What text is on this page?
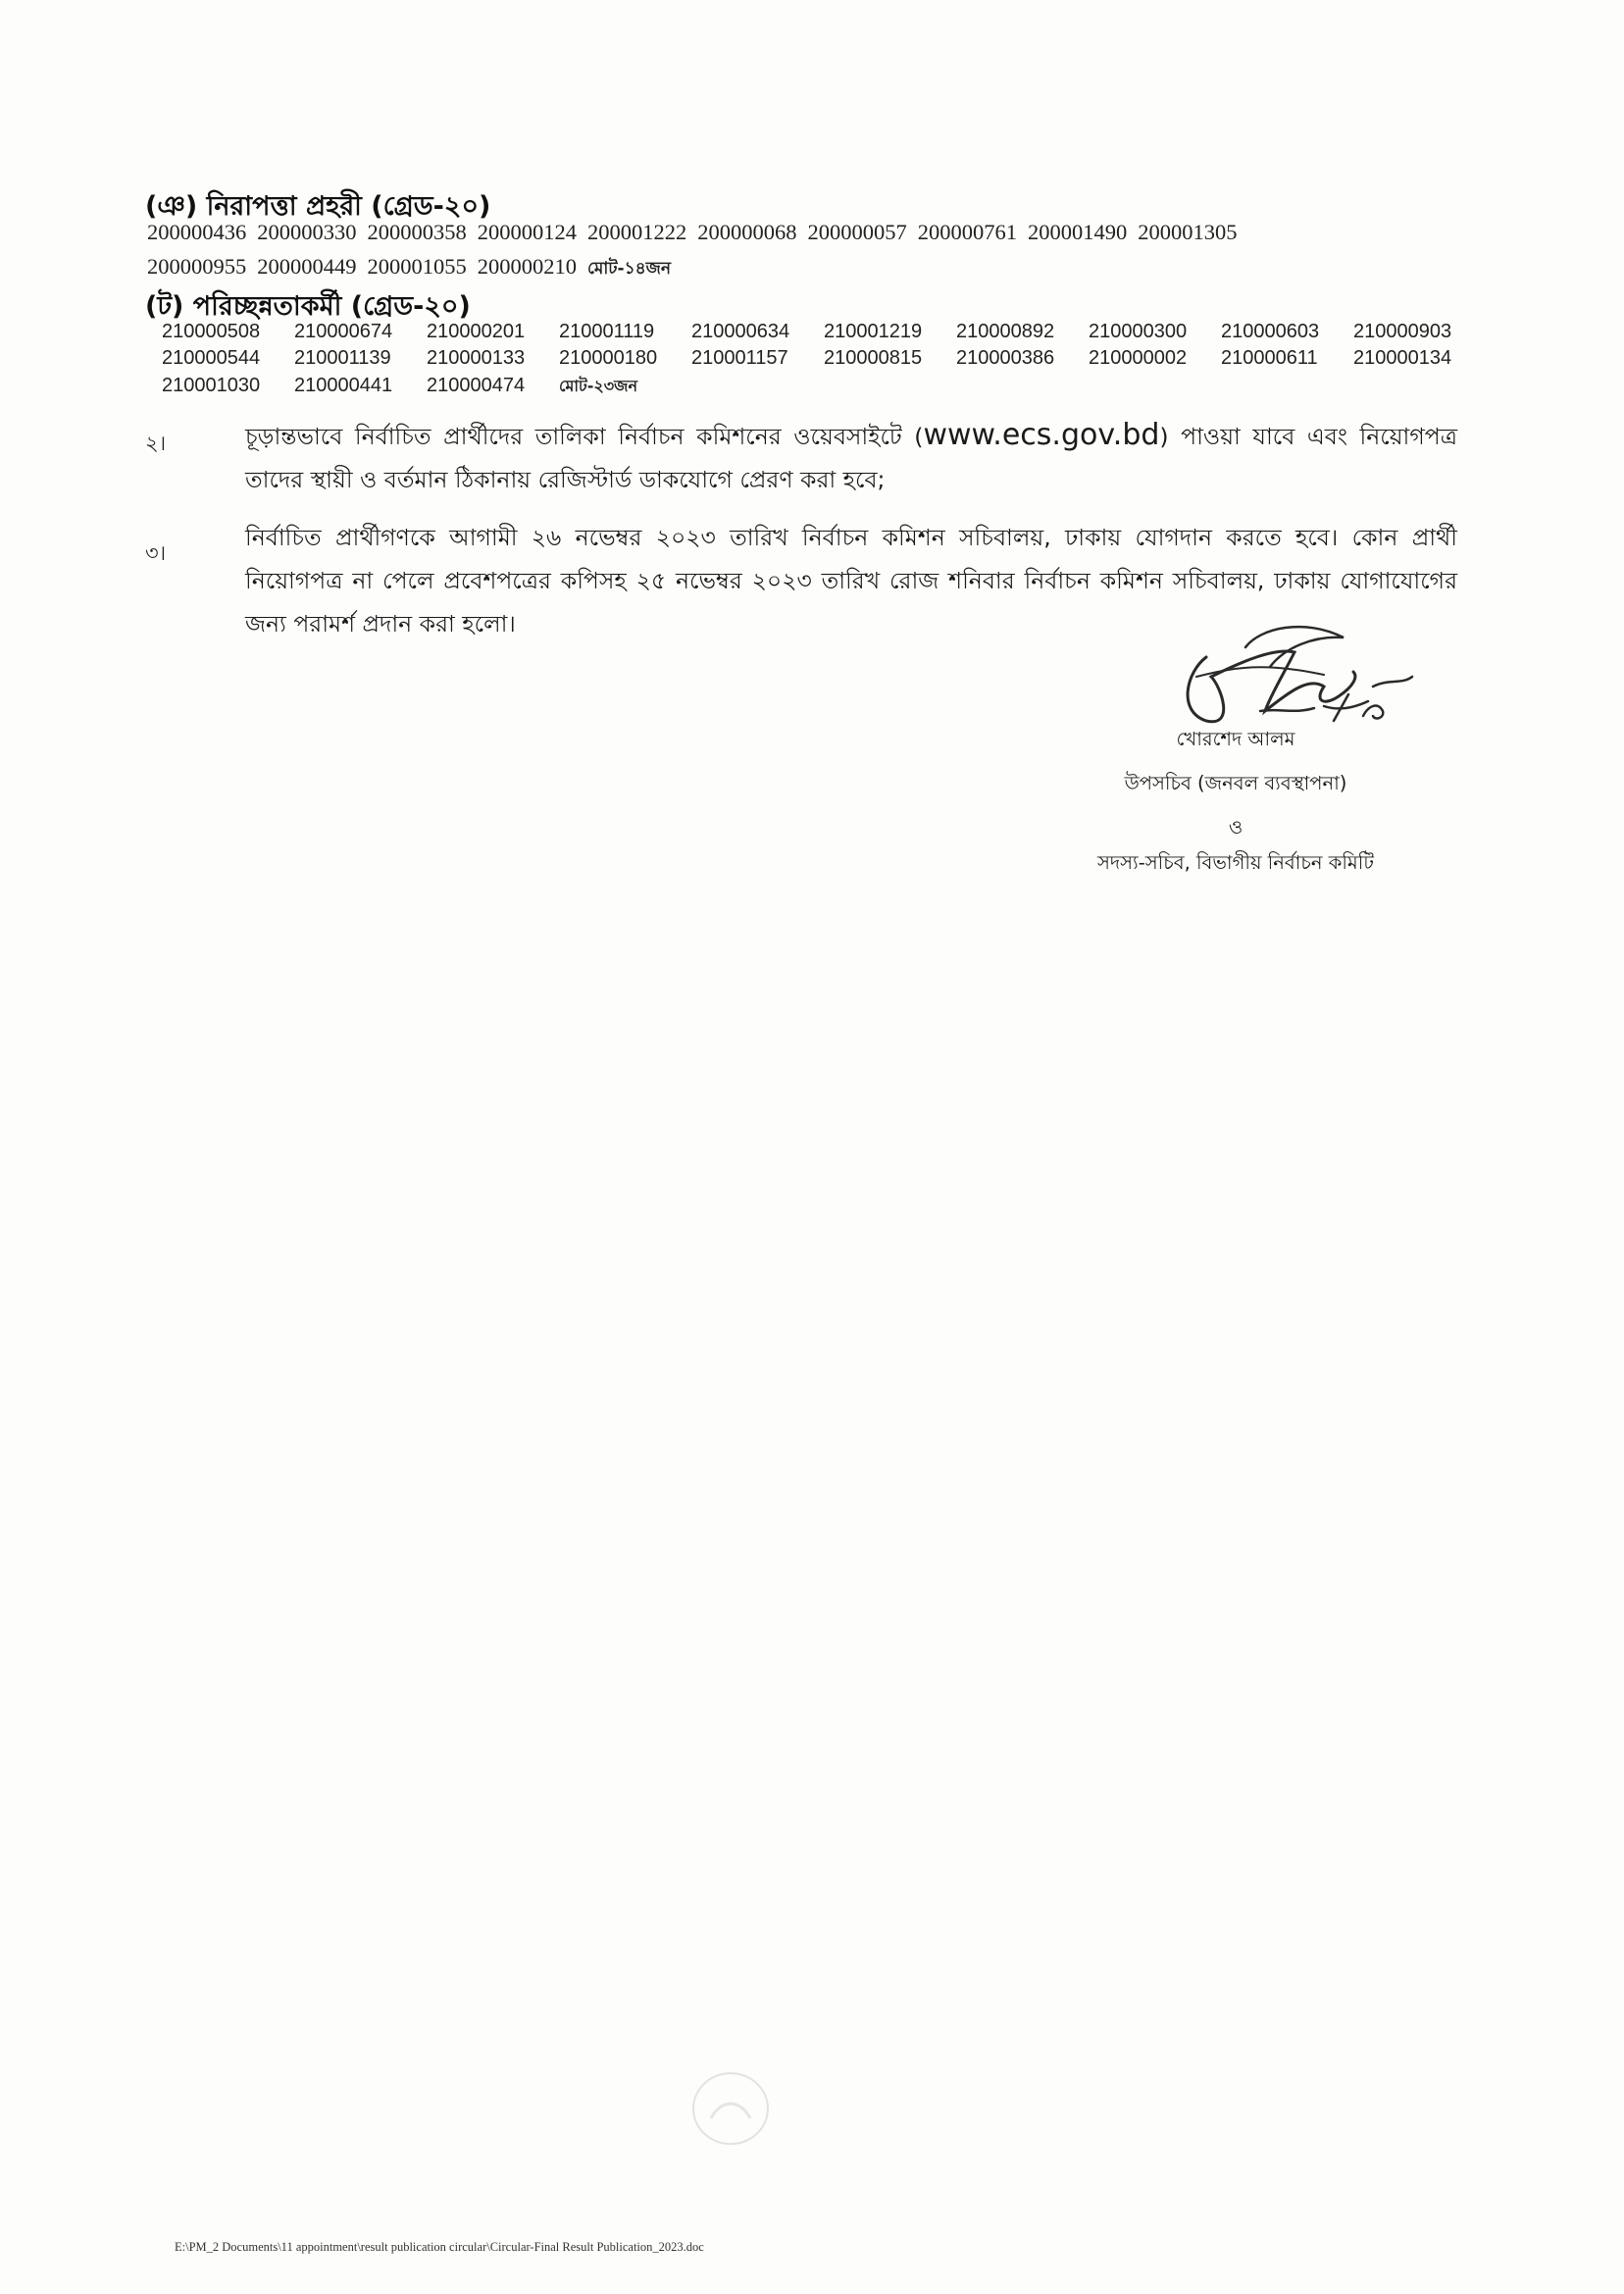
(ঞ) নিরাপত্তা প্রহরী (গ্রেড-২০)
200000436 200000330 200000358 200000124 200001222 200000068 200000057 200000761 200001490 200001305
200000955 200000449 200001055 200000210 মোট-১৪জন
(ট) পরিচ্ছন্নতাকর্মী (গ্রেড-২০)
210000508 210000674 210000201 210001119 210000634 210001219 210000892 210000300 210000603 210000903
210000544 210001139 210000133 210000180 210001157 210000815 210000386 210000002 210000611 210000134
210001030 210000441 210000474 মোট-২৩জন
২।	চূড়ান্তভাবে নির্বাচিত প্রার্থীদের তালিকা নির্বাচন কমিশনের ওয়েবসাইটে (www.ecs.gov.bd) পাওয়া যাবে এবং নিয়োগপত্র তাদের স্থায়ী ও বর্তমান ঠিকানায় রেজিস্টার্ড ডাকযোগে প্রেরণ করা হবে;
৩।
নির্বাচিত প্রার্থীগণকে আগামী ২৬ নভেম্বর ২০২৩ তারিখ নির্বাচন কমিশন সচিবালয়, ঢাকায় যোগদান করতে হবে। কোন প্রার্থী নিয়োগপত্র না পেলে প্রবেশপত্রের কপিসহ ২৫ নভেম্বর ২০২৩ তারিখ রোজ শনিবার নির্বাচন কমিশন সচিবালয়, ঢাকায় যোগাযোগের জন্য পরামর্শ প্রদান করা হলো।
খোরশেদ আলম
উপসচিব (জনবল ব্যবস্থাপনা)
ও
সদস্য-সচিব, বিভাগীয় নির্বাচন কমিটি
E:\PM_2 Documents\11 appointment\result publication circular\Circular-Final Result Publication_2023.doc
